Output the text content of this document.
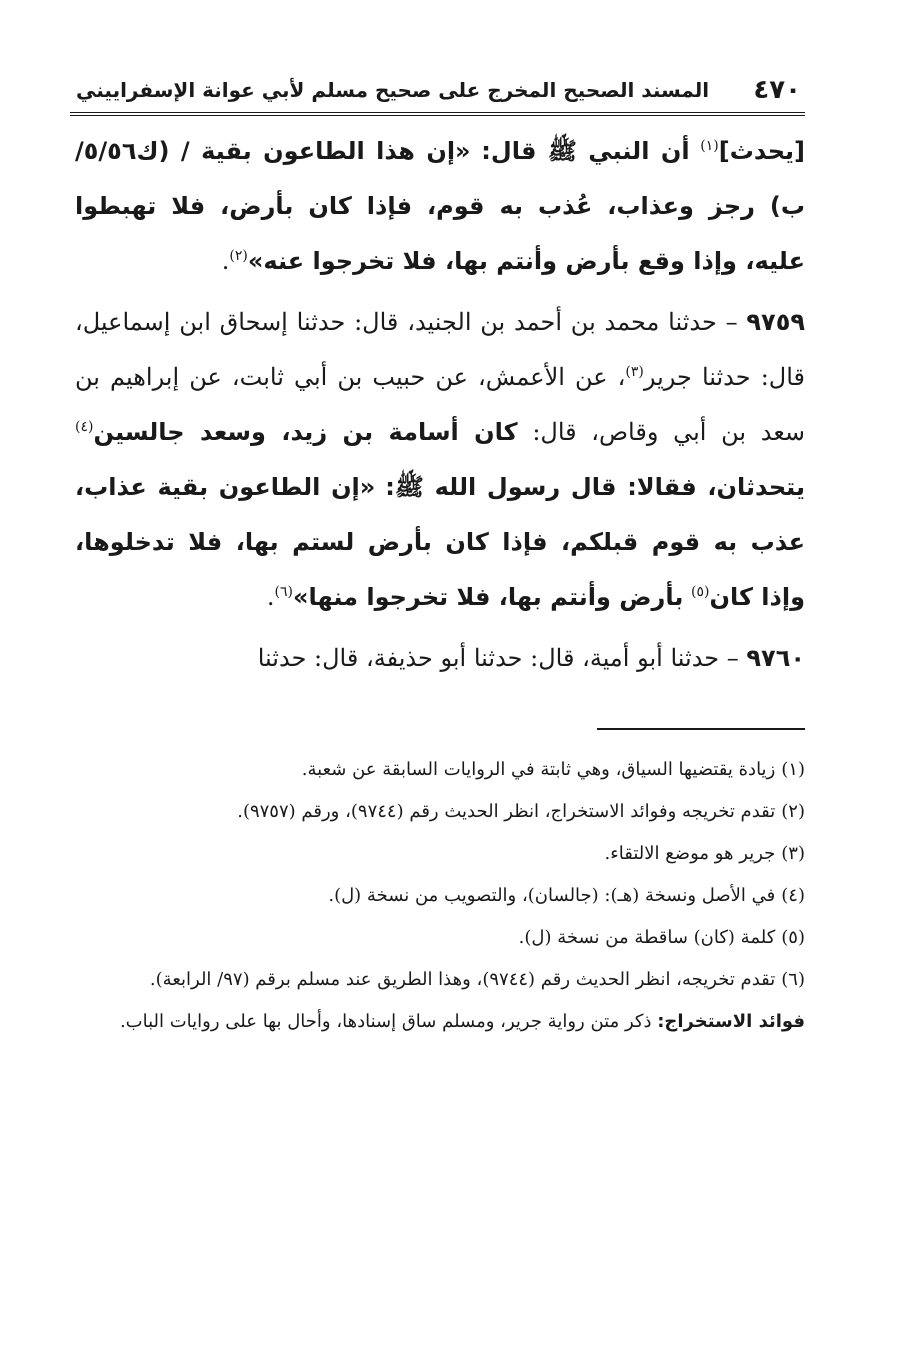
٤٧٠
المسند الصحيح المخرج على صحيح مسلم لأبي عوانة الإسفراييني

[يحدث]$^{(١)}$ أن النبي ﷺ قال: «إن هذا الطاعون بقية / (ك٥/٥٦/ب) رجز وعذاب، عُذب به قوم، فإذا كان بأرض، فلا تهبطوا عليه، وإذا وقع بأرض وأنتم بها، فلا تخرجوا عنه»$^{(٢)}$.

٩٧٥٩ – حدثنا محمد بن أحمد بن الجنيد، قال: حدثنا إسحاق ابن إسماعيل، قال: حدثنا جرير$^{(٣)}$، عن الأعمش، عن حبيب بن أبي ثابت، عن إبراهيم بن سعد بن أبي وقاص، قال: كان أسامة بن زيد، وسعد جالسين$^{(٤)}$ يتحدثان، فقالا: قال رسول الله ﷺ: «إن الطاعون بقية عذاب، عذب به قوم قبلكم، فإذا كان بأرض لستم بها، فلا تدخلوها، وإذا كان$^{(٥)}$ بأرض وأنتم بها، فلا تخرجوا منها»$^{(٦)}$.

٩٧٦٠ – حدثنا أبو أمية، قال: حدثنا أبو حذيفة، قال: حدثنا

(١)زيادة يقتضيها السياق، وهي ثابتة في الروايات السابقة عن شعبة.

(٢)تقدم تخريجه وفوائد الاستخراج، انظر الحديث رقم (٩٧٤٤)، ورقم (٩٧٥٧).

(٣)جرير هو موضع الالتقاء.

(٤)في الأصل ونسخة (هـ): (جالسان)، والتصويب من نسخة (ل).

(٥)كلمة (كان) ساقطة من نسخة (ل).

(٦)تقدم تخريجه، انظر الحديث رقم (٩٧٤٤)، وهذا الطريق عند مسلم برقم (٩٧/ الرابعة).

فوائد الاستخراج: ذكر متن رواية جرير، ومسلم ساق إسنادها، وأحال بها على روايات الباب.
